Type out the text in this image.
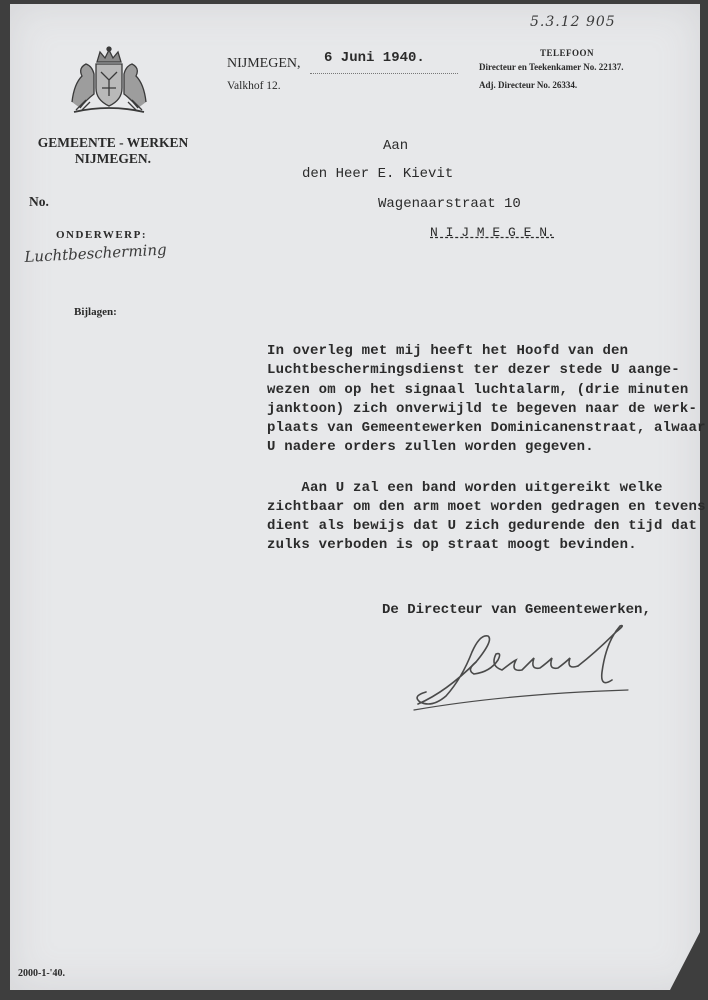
5.3.12 905
GEMEENTE - WERKEN
NIJMEGEN.
NIJMEGEN, 6 Juni 1940.
Valkhof 12.
TELEFOON
Directeur en Teekenkamer No. 22137.
Adj. Directeur No. 26334.
No.
ONDERWERP:
Luchtbescherming
Bijlagen:
Aan
den Heer E. Kievit
Wagenaarstraat 10
N I J M E G E N.
In overleg met mij heeft het Hoofd van den
Luchtbeschermingsdienst ter dezer stede U aange-
wezen om op het signaal luchtalarm, (drie minuten
janktoon) zich onverwijld te begeven naar de werk-
plaats van Gemeentewerken Dominicanenstraat, alwaar
U nadere orders zullen worden gegeven.
Aan U zal een band worden uitgereikt welke
zichtbaar om den arm moet worden gedragen en tevens
dient als bewijs dat U zich gedurende den tijd dat
zulks verboden is op straat moogt bevinden.
De Directeur van Gemeentewerken,
2000-1-'40.
